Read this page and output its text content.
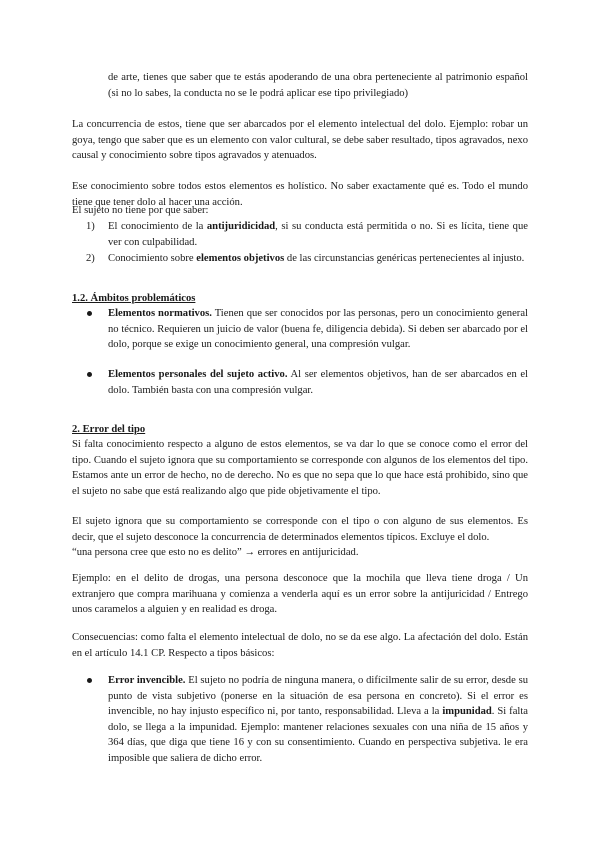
de arte, tienes que saber que te estás apoderando de una obra perteneciente al patrimonio español (si no lo sabes, la conducta no se le podrá aplicar ese tipo privilegiado)

La concurrencia de estos, tiene que ser abarcados por el elemento intelectual del dolo. Ejemplo: robar un goya, tengo que saber que es un elemento con valor cultural, se debe saber resultado, tipos agravados, nexo causal y conocimiento sobre tipos agravados y atenuados.

Ese conocimiento sobre todos estos elementos es holístico. No saber exactamente qué es. Todo el mundo tiene que tener dolo al hacer una acción.

El sujeto no tiene por que saber:

1) El conocimiento de la antijuridicidad, si su conducta está permitida o no. Si es lícita, tiene que ver con culpabilidad.
2) Conocimiento sobre elementos objetivos de las circunstancias genéricas pertenecientes al injusto.

1.2. Ámbitos problemáticos

Elementos normativos. Tienen que ser conocidos por las personas, pero un conocimiento general no técnico. Requieren un juicio de valor (buena fe, diligencia debida). Si deben ser abarcado por el dolo, porque se exige un conocimiento general, una compresión vulgar.
Elementos personales del sujeto activo. Al ser elementos objetivos, han de ser abarcados en el dolo. También basta con una compresión vulgar.

2. Error del tipo

Si falta conocimiento respecto a alguno de estos elementos, se va dar lo que se conoce como el error del tipo. Cuando el sujeto ignora que su comportamiento se corresponde con algunos de los elementos del tipo. Estamos ante un error de hecho, no de derecho. No es que no sepa que lo que hace está prohibido, sino que el sujeto no sabe que está realizando algo que pide objetivamente el tipo.

El sujeto ignora que su comportamiento se corresponde con el tipo o con alguno de sus elementos. Es decir, que el sujeto desconoce la concurrencia de determinados elementos típicos. Excluye el dolo.

“una persona cree que esto no es delito” → errores en antijuricidad.

Ejemplo: en el delito de drogas, una persona desconoce que la mochila que lleva tiene droga / Un extranjero que compra marihuana y comienza a venderla aquí es un error sobre la antijuricidad / Entrego unos caramelos a alguien y en realidad es droga.

Consecuencias: como falta el elemento intelectual de dolo, no se da ese algo. La afectación del dolo. Están en el artículo 14.1 CP. Respecto a tipos básicos:

Error invencible. El sujeto no podría de ninguna manera, o difícilmente salir de su error, desde su punto de vista subjetivo (ponerse en la situación de esa persona en concreto). Si el error es invencible, no hay injusto específico ni, por tanto, responsabilidad. Lleva a la impunidad. Si falta dolo, se llega a la impunidad. Ejemplo: mantener relaciones sexuales con una niña de 15 años y 364 días, que diga que tiene 16 y con su consentimiento. Cuando en perspectiva subjetiva. le era imposible que saliera de dicho error.
